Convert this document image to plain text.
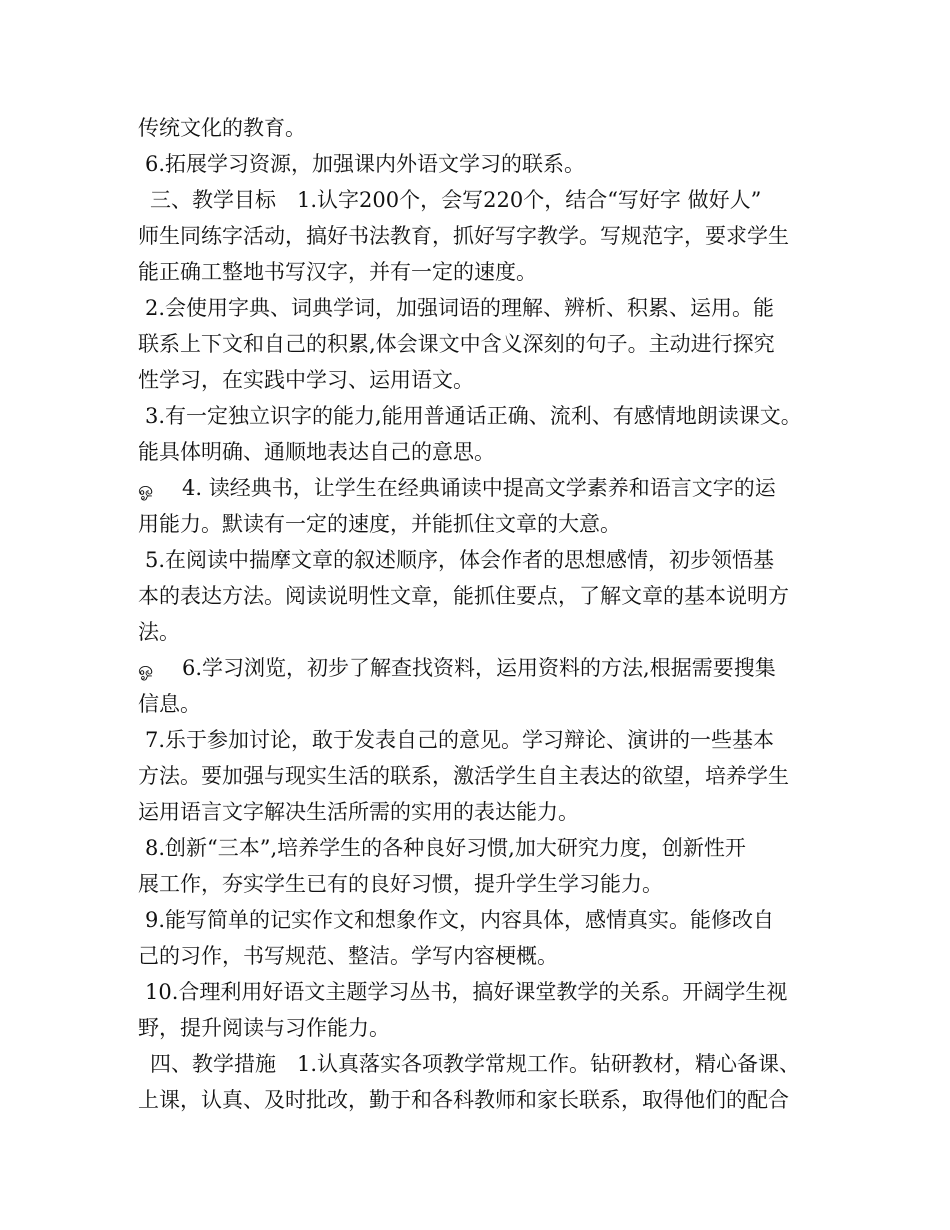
传统文化的教育。
6.拓展学习资源，加强课内外语文学习的联系。
三、教学目标　1.认字200个，会写220个，结合“写好字 做好人”
师生同练字活动，搞好书法教育，抓好写字教学。写规范字，要求学生
能正确工整地书写汉字，并有一定的速度。
2.会使用字典、词典学词，加强词语的理解、辨析、积累、运用。能
联系上下文和自己的积累,体会课文中含义深刻的句子。主动进行探究
性学习，在实践中学习、运用语文。
3.有一定独立识字的能力,能用普通话正确、流利、有感情地朗读课文。
能具体明确、通顺地表达自己的意思。
ஓ 4. 读经典书，让学生在经典诵读中提高文学素养和语言文字的运
用能力。默读有一定的速度，并能抓住文章的大意。
5.在阅读中揣摩文章的叙述顺序，体会作者的思想感情，初步领悟基
本的表达方法。阅读说明性文章，能抓住要点，了解文章的基本说明方
法。
ஓ 6.学习浏览，初步了解查找资料，运用资料的方法,根据需要搜集
信息。
7.乐于参加讨论，敢于发表自己的意见。学习辩论、演讲的一些基本
方法。要加强与现实生活的联系，激活学生自主表达的欲望，培养学生
运用语言文字解决生活所需的实用的表达能力。
8.创新“三本”,培养学生的各种良好习惯,加大研究力度，创新性开
展工作，夯实学生已有的良好习惯，提升学生学习能力。
9.能写简单的记实作文和想象作文，内容具体，感情真实。能修改自
己的习作，书写规范、整洁。学写内容梗概。
10.合理利用好语文主题学习丛书，搞好课堂教学的关系。开阔学生视
野，提升阅读与习作能力。
四、教学措施　1.认真落实各项教学常规工作。钻研教材，精心备课、
上课，认真、及时批改，勤于和各科教师和家长联系，取得他们的配合
